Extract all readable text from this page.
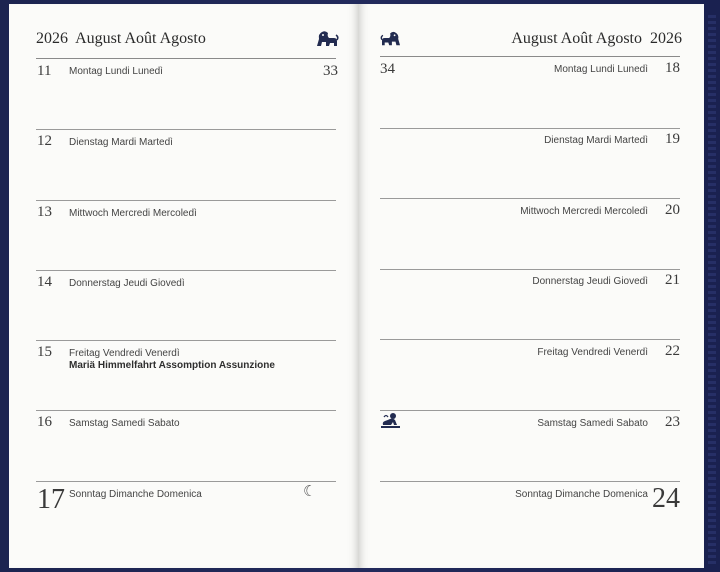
2026 August Août Agosto
33
11 Montag Lundi Lunedì
12 Dienstag Mardi Martedì
13 Mittwoch Mercredi Mercoledì
14 Donnerstag Jeudi Giovedì
15 Freitag Vendredi Venerdì
Mariä Himmelfahrt Assomption Assunzione
16 Samstag Samedi Sabato
17 Sonntag Dimanche Domenica	☾
August Août Agosto 2026
34	Montag Lundi Lunedì 18
Dienstag Mardi Martedì 19
Mittwoch Mercredi Mercoledì 20
Donnerstag Jeudi Giovedì 21
Freitag Vendredi Venerdì 22
Samstag Samedi Sabato 23
Sonntag Dimanche Domenica 24
